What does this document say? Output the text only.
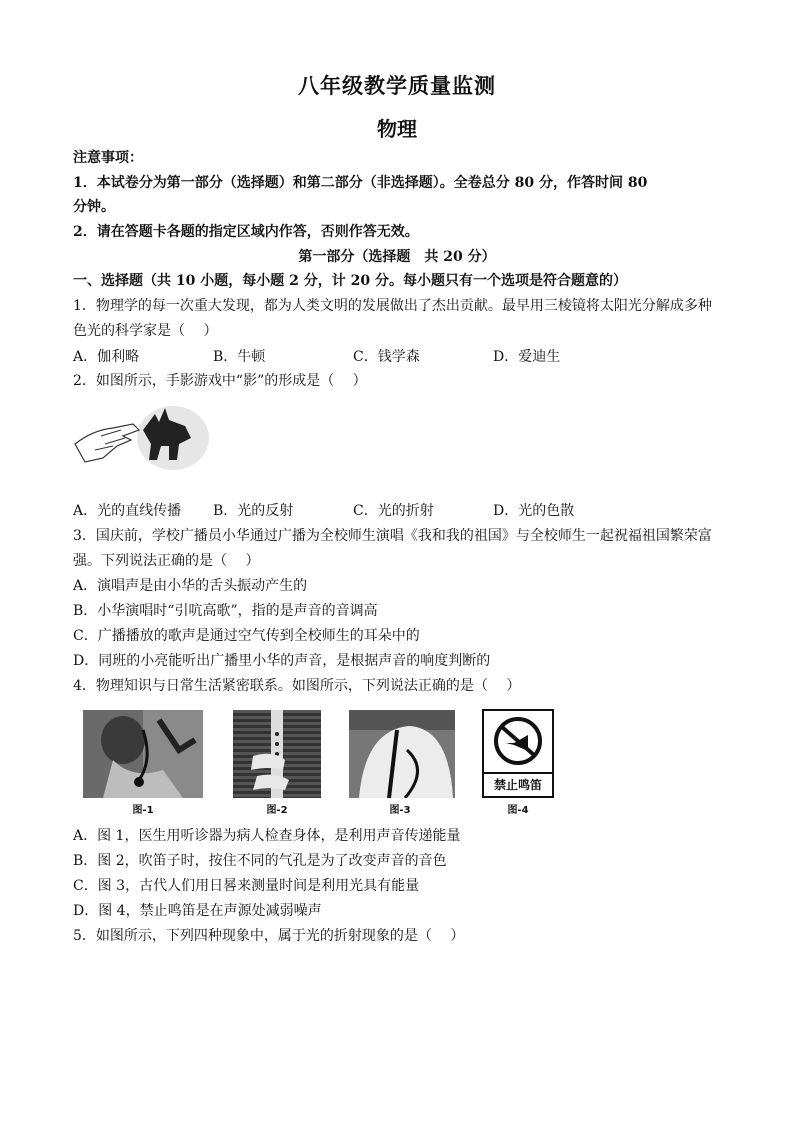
八年级教学质量监测
物理
注意事项：
1．本试卷分为第一部分（选择题）和第二部分（非选择题）。全卷总分 80 分，作答时间 80
分钟。
2．请在答题卡各题的指定区域内作答，否则作答无效。
第一部分（选择题　共 20 分）
一、选择题（共 10 小题，每小题 2 分，计 20 分。每小题只有一个选项是符合题意的）
1．物理学的每一次重大发现，都为人类文明的发展做出了杰出贡献。最早用三棱镜将太阳光分解成多种
色光的科学家是（　 ）
A．伽利略	B．牛顿	C．钱学森	D．爱迪生
2．如图所示，手影游戏中“影”的形成是（　 ）
A．光的直线传播 B．光的反射	C．光的折射	D．光的色散
3．国庆前，学校广播员小华通过广播为全校师生演唱《我和我的祖国》与全校师生一起祝福祖国繁荣富
强。下列说法正确的是（　 ）
A．演唱声是由小华的舌头振动产生的
B．小华演唱时“引吭高歌”，指的是声音的音调高
C．广播播放的歌声是通过空气传到全校师生的耳朵中的
D．同班的小亮能听出广播里小华的声音，是根据声音的响度判断的
4．物理知识与日常生活紧密联系。如图所示，下列说法正确的是（　 ）
图-1	图-2	图-3
禁止鸣笛
图-4
A．图 1，医生用听诊器为病人检查身体，是利用声音传递能量
B．图 2，吹笛子时，按住不同的气孔是为了改变声音的音色
C．图 3，古代人们用日晷来测量时间是利用光具有能量
D．图 4，禁止鸣笛是在声源处减弱噪声
5．如图所示，下列四种现象中，属于光的折射现象的是（　 ）
